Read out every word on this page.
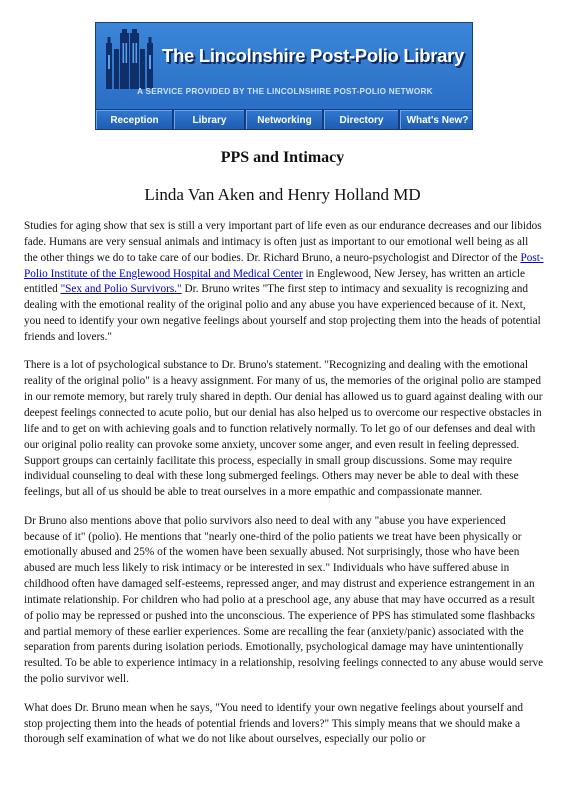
The Lincolnshire Post-Polio Library
A SERVICE PROVIDED BY THE LINCOLNSHIRE POST-POLIO NETWORK
Reception	Library	Networking	Directory	What's New?
PPS and Intimacy
Linda Van Aken and Henry Holland MD

Studies for aging show that sex is still a very important part of life even as our endurance decreases and our libidos fade. Humans are very sensual animals and intimacy is often just as important to our emotional well being as all the other things we do to take care of our bodies. Dr. Richard Bruno, a neuro-psychologist and Director of the Post-Polio Institute of the Englewood Hospital and Medical Center in Englewood, New Jersey, has written an article entitled "Sex and Polio Survivors." Dr. Bruno writes "The first step to intimacy and sexuality is recognizing and dealing with the emotional reality of the original polio and any abuse you have experienced because of it. Next, you need to identify your own negative feelings about yourself and stop projecting them into the heads of potential friends and lovers."

There is a lot of psychological substance to Dr. Bruno's statement. "Recognizing and dealing with the emotional reality of the original polio" is a heavy assignment. For many of us, the memories of the original polio are stamped in our remote memory, but rarely truly shared in depth. Our denial has allowed us to guard against dealing with our deepest feelings connected to acute polio, but our denial has also helped us to overcome our respective obstacles in life and to get on with achieving goals and to function relatively normally. To let go of our defenses and deal with our original polio reality can provoke some anxiety, uncover some anger, and even result in feeling depressed. Support groups can certainly facilitate this process, especially in small group discussions. Some may require individual counseling to deal with these long submerged feelings. Others may never be able to deal with these feelings, but all of us should be able to treat ourselves in a more empathic and compassionate manner.

Dr Bruno also mentions above that polio survivors also need to deal with any "abuse you have experienced because of it" (polio). He mentions that "nearly one-third of the polio patients we treat have been physically or emotionally abused and 25% of the women have been sexually abused. Not surprisingly, those who have been abused are much less likely to risk intimacy or be interested in sex." Individuals who have suffered abuse in childhood often have damaged self-esteems, repressed anger, and may distrust and experience estrangement in an intimate relationship. For children who had polio at a preschool age, any abuse that may have occurred as a result of polio may be repressed or pushed into the unconscious. The experience of PPS has stimulated some flashbacks and partial memory of these earlier experiences. Some are recalling the fear (anxiety/panic) associated with the separation from parents during isolation periods. Emotionally, psychological damage may have unintentionally resulted. To be able to experience intimacy in a relationship, resolving feelings connected to any abuse would serve the polio survivor well.

What does Dr. Bruno mean when he says, "You need to identify your own negative feelings about yourself and stop projecting them into the heads of potential friends and lovers?" This simply means that we should make a thorough self examination of what we do not like about ourselves, especially our polio or
